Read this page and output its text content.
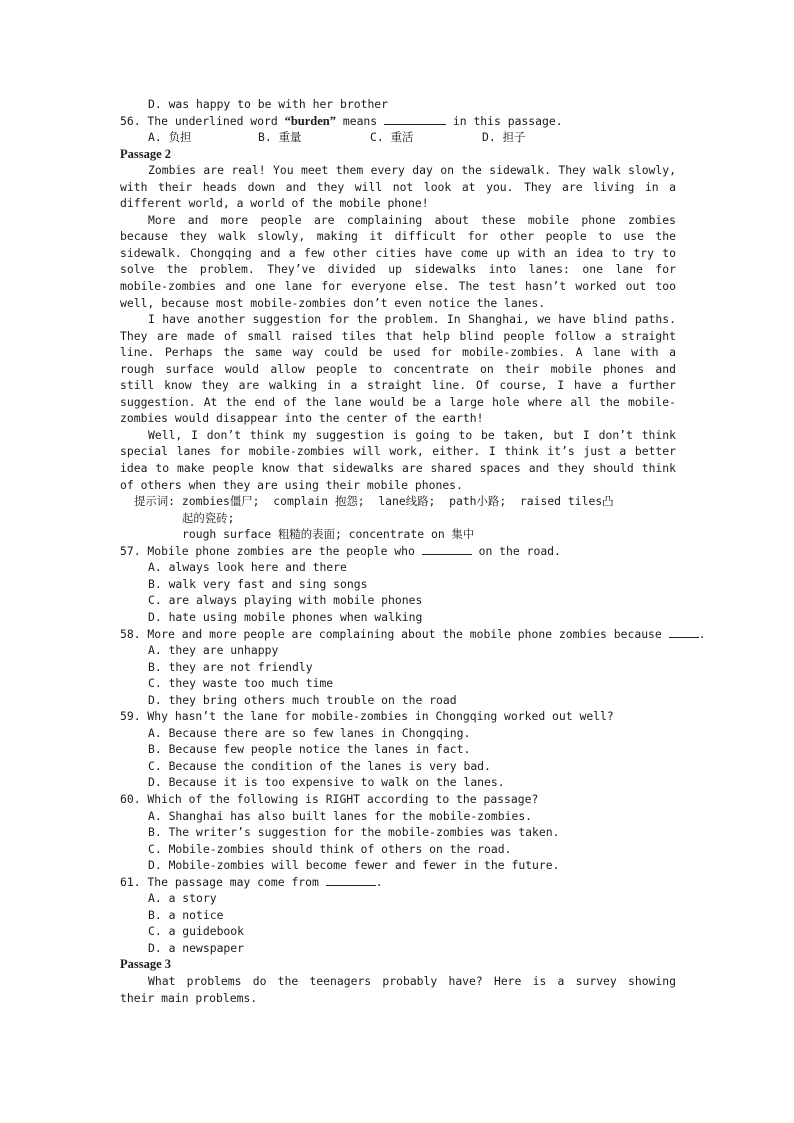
D. was happy to be with her brother
56. The underlined word “burden” means	in this passage.
A. 负担	B. 重量	C. 重活	D. 担子
Passage 2
Zombies are real! You meet them every day on the sidewalk. They walk slowly,
with their heads down and they will not look at you. They are living in a
different world, a world of the mobile phone!
More and more people are complaining about these mobile phone zombies
because they walk slowly, making it difficult for other people to use the
sidewalk. Chongqing and a few other cities have come up with an idea to try to
solve the problem. They’ve divided up sidewalks into lanes: one lane for
mobile-zombies and one lane for everyone else. The test hasn’t worked out too
well, because most mobile-zombies don’t even notice the lanes.
I have another suggestion for the problem. In Shanghai, we have blind paths.
They are made of small raised tiles that help blind people follow a straight
line. Perhaps the same way could be used for mobile-zombies. A lane with a
rough surface would allow people to concentrate on their mobile phones and
still know they are walking in a straight line. Of course, I have a further
suggestion. At the end of the lane would be a large hole where all the mobile-
zombies would disappear into the center of the earth!
Well, I don’t think my suggestion is going to be taken, but I don’t think
special lanes for mobile-zombies will work, either. I think it’s just a better
idea to make people know that sidewalks are shared spaces and they should think
of others when they are using their mobile phones.
提示词: zombies僵尸;  complain 抱怨;  lane线路;  path小路;  raised tiles凸
起的瓷砖;
rough surface 粗糙的表面; concentrate on 集中
57. Mobile phone zombies are the people who	on the road.
A. always look here and there
B. walk very fast and sing songs
C. are always playing with mobile phones
D. hate using mobile phones when walking
58. More and more people are complaining about the mobile phone zombies because	.
A. they are unhappy
B. they are not friendly
C. they waste too much time
D. they bring others much trouble on the road
59. Why hasn’t the lane for mobile-zombies in Chongqing worked out well?
A. Because there are so few lanes in Chongqing.
B. Because few people notice the lanes in fact.
C. Because the condition of the lanes is very bad.
D. Because it is too expensive to walk on the lanes.
60. Which of the following is RIGHT according to the passage?
A. Shanghai has also built lanes for the mobile-zombies.
B. The writer’s suggestion for the mobile-zombies was taken.
C. Mobile-zombies should think of others on the road.
D. Mobile-zombies will become fewer and fewer in the future.
61. The passage may come from	.
A. a story
B. a notice
C. a guidebook
D. a newspaper
Passage 3
What problems do the teenagers probably have? Here is a survey showing
their main problems.
